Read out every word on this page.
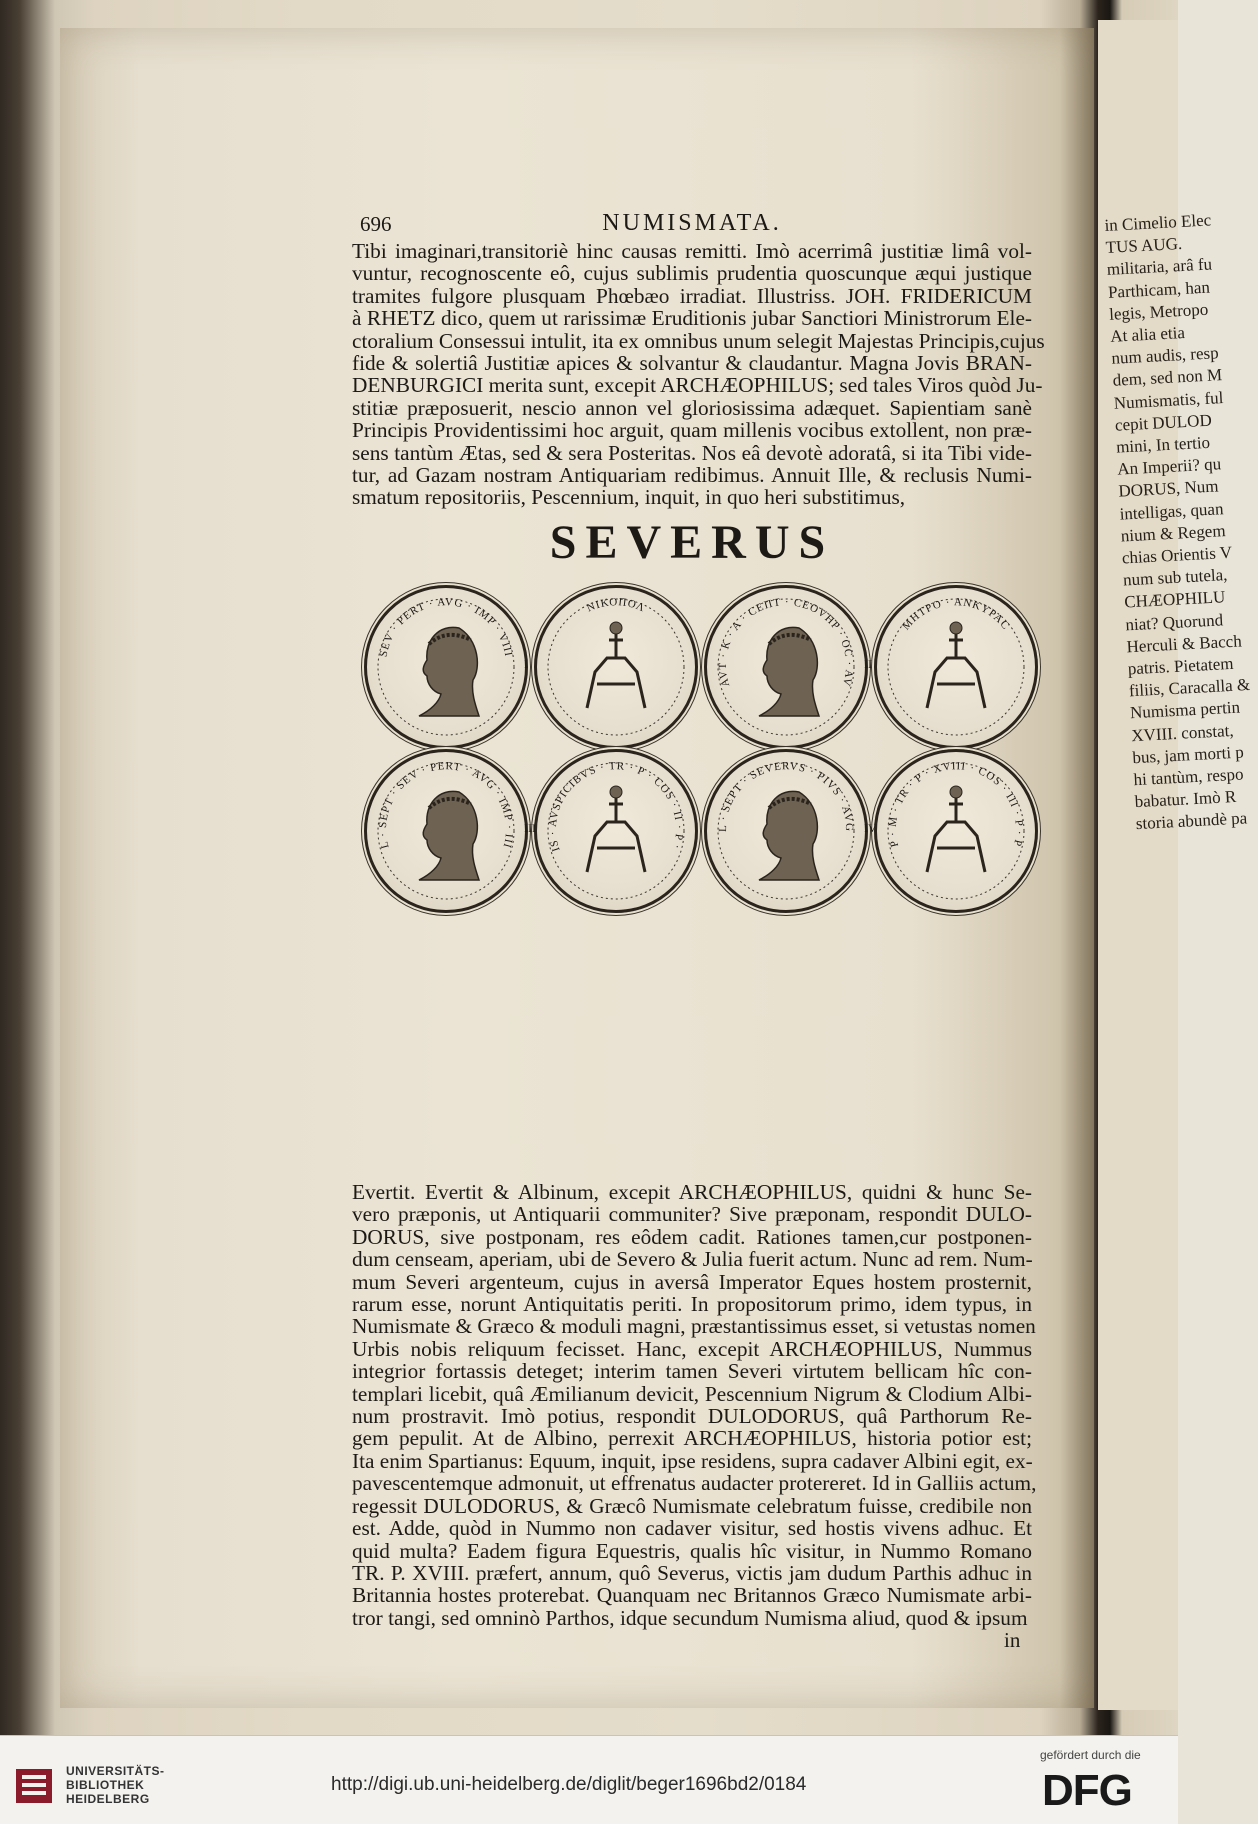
696	NUMISMATA.
Tibi imaginari,transitoriè hinc causas remitti. Imò acerrimâ justitiæ limâ vol-
vuntur, recognoscente eô, cujus sublimis prudentia quoscunque æqui justique
tramites fulgore plusquam Phœbæo irradiat. Illustriss. JOH. FRIDERICUM
à RHETZ dico, quem ut rarissimæ Eruditionis jubar Sanctiori Ministrorum Ele-
ctoralium Consessui intulit, ita ex omnibus unum selegit Majestas Principis,cujus
fide & solertiâ Justitiæ apices & solvantur & claudantur. Magna Jovis BRAN-
DENBURGICI merita sunt, excepit ARCHÆOPHILUS; sed tales Viros quòd Ju-
stitiæ præposuerit, nescio annon vel gloriosissima adæquet. Sapientiam sanè
Principis Providentissimi hoc arguit, quam millenis vocibus extollent, non præ-
sens tantùm Ætas, sed & sera Posteritas. Nos eâ devotè adoratâ, si ita Tibi vide-
tur, ad Gazam nostram Antiquariam redibimus. Annuit Ille, & reclusis Numi-
smatum repositoriis, Pescennium, inquit, in quo heri substitimus,
SEVERUS
SEV · PERT · AVG · IMP · VIII
ΝΙΚΟΠΟΛ
AVT · K · A · CEΠT · CEOVHP · OC · AV
ΜΗΤΡΟ · ΑΝΚΥΡΑC
L · SEPT · SEV · PERT · AVG · IMP · III	IS · AVSPICIBVS · TR · P · COS · II · P ·
L · SEPT · SEVERVS · PIVS · AVG
P · M · TR · P · XVIII · COS · III · P · P
I	II
III	IV
Evertit. Evertit & Albinum, excepit ARCHÆOPHILUS, quidni & hunc Se-
vero præponis, ut Antiquarii communiter? Sive præponam, respondit DULO-
DORUS, sive postponam, res eôdem cadit. Rationes tamen,cur postponen-
dum censeam, aperiam, ubi de Severo & Julia fuerit actum. Nunc ad rem. Num-
mum Severi argenteum, cujus in aversâ Imperator Eques hostem prosternit,
rarum esse, norunt Antiquitatis periti. In propositorum primo, idem typus, in
Numismate & Græco & moduli magni, præstantissimus esset, si vetustas nomen
Urbis nobis reliquum fecisset. Hanc, excepit ARCHÆOPHILUS, Nummus
integrior fortassis deteget; interim tamen Severi virtutem bellicam hîc con-
templari licebit, quâ Æmilianum devicit, Pescennium Nigrum & Clodium Albi-
num prostravit. Imò potius, respondit DULODORUS, quâ Parthorum Re-
gem pepulit. At de Albino, perrexit ARCHÆOPHILUS, historia potior est;
Ita enim Spartianus: Equum, inquit, ipse residens, supra cadaver Albini egit, ex-
pavescentemque admonuit, ut effrenatus audacter protereret. Id in Galliis actum,
regessit DULODORUS, & Græcô Numismate celebratum fuisse, credibile non
est. Adde, quòd in Nummo non cadaver visitur, sed hostis vivens adhuc. Et
quid multa? Eadem figura Equestris, qualis hîc visitur, in Nummo Romano
TR. P. XVIII. præfert, annum, quô Severus, victis jam dudum Parthis adhuc in
Britannia hostes proterebat. Quanquam nec Britannos Græco Numismate arbi-
tror tangi, sed omninò Parthos, idque secundum Numisma aliud, quod & ipsum
in
in Cimelio Elec
TUS AUG.
militaria, arâ fu
Parthicam, han
legis, Metropo
At alia etia
num audis, resp
dem, sed non M
Numismatis, ful
cepit DULOD
mini, In tertio
An Imperii? qu
DORUS, Num
intelligas, quan
nium & Regem
chias Orientis V
num sub tutela,
CHÆOPHILU
niat? Quorund
Herculi & Bacch
patris. Pietatem
filiis, Caracalla &
Numisma pertin
XVIII. constat,
bus, jam morti p
hi tantùm, respo
babatur. Imò R
storia abundè pa
UNIVERSITÄTS-
BIBLIOTHEK
HEIDELBERG
http://digi.ub.uni-heidelberg.de/diglit/beger1696bd2/0184
gefördert durch die
DFG
